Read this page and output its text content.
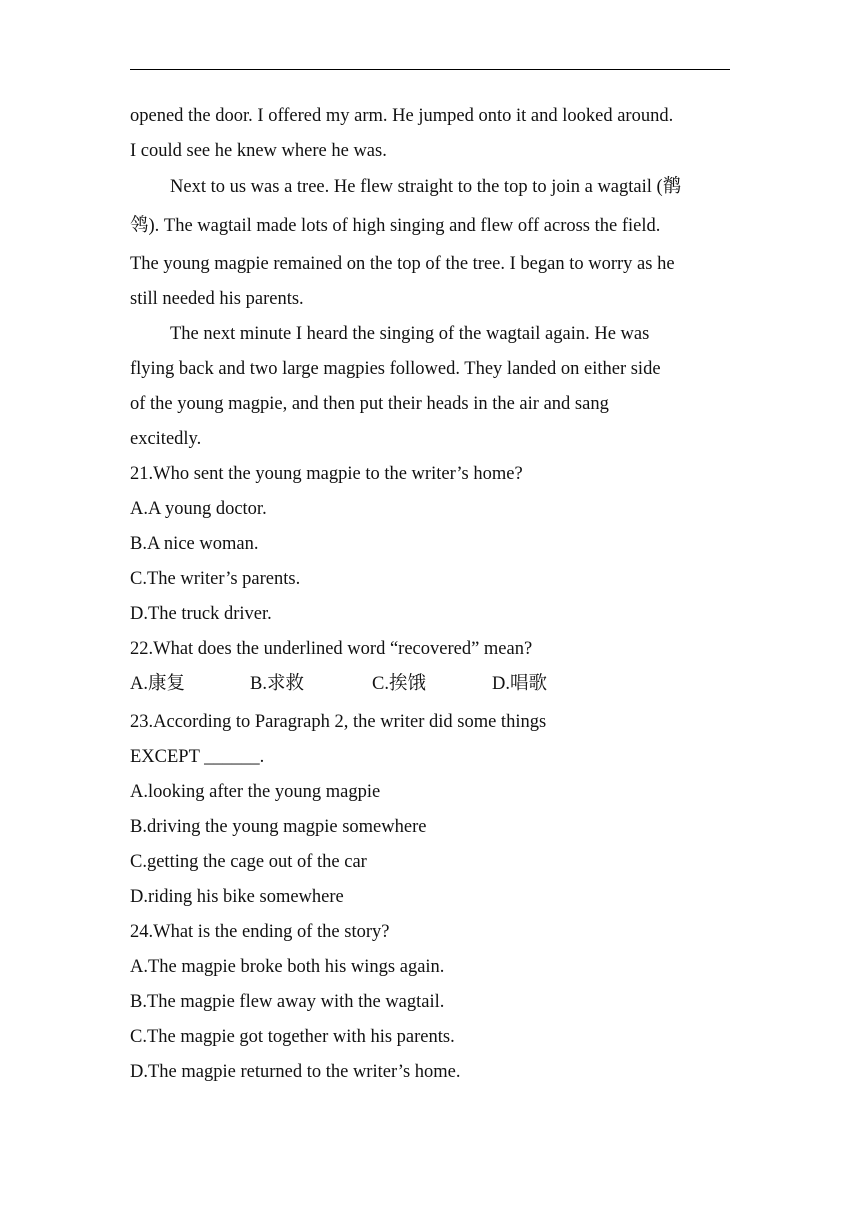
opened the door. I offered my arm. He jumped onto it and looked around.
I could see he knew where he was.
Next to us was a tree. He flew straight to the top to join a wagtail (鹡
鸰). The wagtail made lots of high singing and flew off across the field.
The young magpie remained on the top of the tree. I began to worry as he
still needed his parents.
The next minute I heard the singing of the wagtail again. He was
flying back and two large magpies followed. They landed on either side
of the young magpie, and then put their heads in the air and sang
excitedly.
21.Who sent the young magpie to the writer’s home?
A.A young doctor.
B.A nice woman.
C.The writer’s parents.
D.The truck driver.
22.What does the underlined word “recovered” mean?
A.康复	B.求救	C.挨饿	D.唱歌
23.According to Paragraph 2, the writer did some things
EXCEPT ______.
A.looking after the young magpie
B.driving the young magpie somewhere
C.getting the cage out of the car
D.riding his bike somewhere
24.What is the ending of the story?
A.The magpie broke both his wings again.
B.The magpie flew away with the wagtail.
C.The magpie got together with his parents.
D.The magpie returned to the writer’s home.
